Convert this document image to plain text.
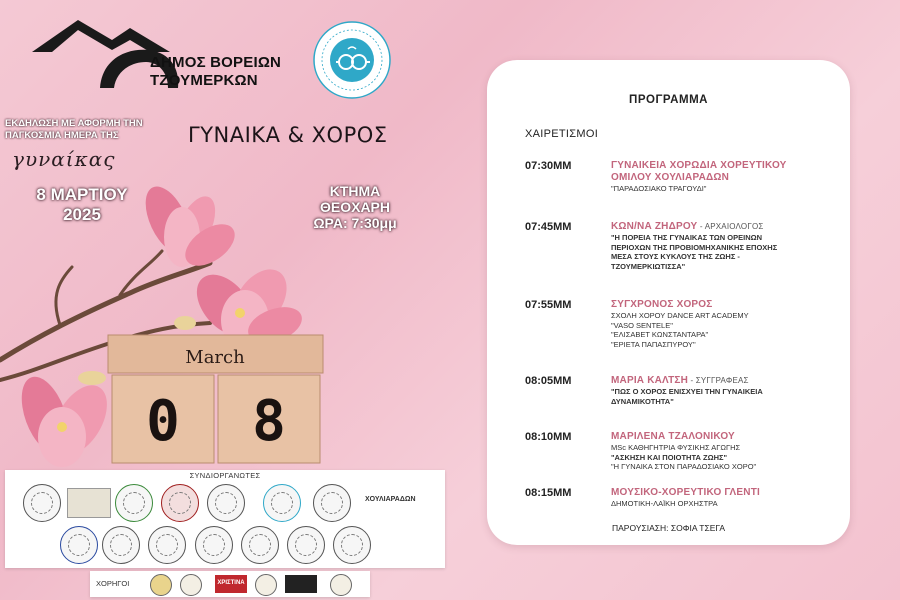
ΔΗΜΟΣ ΒΟΡΕΙΩΝ
ΤΖΟΥΜΕΡΚΩΝ
ΕΚΔΗΛΩΣΗ ΜΕ ΑΦΟΡΜΗ ΤΗΝ
ΠΑΓΚΟΣΜΙΑ ΗΜΕΡΑ ΤΗΣ
γυναίκας
ΓΥΝΑΙΚΑ & ΧΟΡΟΣ
8 ΜΑΡΤΙΟΥ
2025
ΚΤΗΜΑ
ΘΕΟΧΑΡΗ
ΩΡΑ: 7:30μμ
March
0 8
ΣΥΝΔΙΟΡΓΑΝΩΤΕΣ
ΧΟΥΛΙΑΡΑΔΩΝ
ΧΟΡΗΓΟΙ	ΧΡΙΣΤΙΝΑ
ΠΡΟΓΡΑΜΜΑ
ΧΑΙΡΕΤΙΣΜΟΙ
07:30ΜΜ	ΓΥΝΑΙΚΕΙΑ ΧΟΡΩΔΙΑ ΧΟΡΕΥΤΙΚΟΥ
ΟΜΙΛΟΥ ΧΟΥΛΙΑΡΑΔΩΝ
"ΠΑΡΑΔΟΣΙΑΚΟ ΤΡΑΓΟΥΔΙ"
07:45ΜΜ	ΚΩΝ/ΝΑ ΖΗΔΡΟΥ - ΑΡΧΑΙΟΛΟΓΟΣ
"Η ΠΟΡΕΙΑ ΤΗΣ ΓΥΝΑΙΚΑΣ ΤΩΝ ΟΡΕΙΝΩΝ
ΠΕΡΙΟΧΩΝ ΤΗΣ ΠΡΟΒΙΟΜΗΧΑΝΙΚΗΣ ΕΠΟΧΗΣ
ΜΕΣΑ ΣΤΟΥΣ ΚΥΚΛΟΥΣ ΤΗΣ ΖΩΗΣ -
ΤΖΟΥΜΕΡΚΙΩΤΙΣΣΑ"
07:55ΜΜ	ΣΥΓΧΡΟΝΟΣ ΧΟΡΟΣ
ΣΧΟΛΗ ΧΟΡΟΥ DANCE ART ACADEMY
"VASO SENTELE"
"ΕΛΙΣΑΒΕΤ ΚΩΝΣΤΑΝΤΑΡΑ"
"ΕΡΙΕΤΑ ΠΑΠΑΣΠΥΡΟΥ"
08:05ΜΜ	ΜΑΡΙΑ ΚΑΛΤΣΗ - ΣΥΓΓΡΑΦΕΑΣ
"ΠΩΣ Ο ΧΟΡΟΣ ΕΝΙΣΧΥΕΙ ΤΗΝ ΓΥΝΑΙΚΕΙΑ
ΔΥΝΑΜΙΚΟΤΗΤΑ"
08:10ΜΜ	ΜΑΡΙΛΕΝΑ ΤΖΑΛΟΝΙΚΟΥ
MSc ΚΑΘΗΓΗΤΡΙΑ ΦΥΣΙΚΗΣ ΑΓΩΓΗΣ
"ΑΣΚΗΣΗ ΚΑΙ ΠΟΙΟΤΗΤΑ ΖΩΗΣ"
"Η ΓΥΝΑΙΚΑ ΣΤΟΝ ΠΑΡΑΔΟΣΙΑΚΟ ΧΟΡΟ"
08:15ΜΜ	ΜΟΥΣΙΚΟ-ΧΟΡΕΥΤΙΚΟ ΓΛΕΝΤΙ
ΔΗΜΟΤΙΚΗ-ΛΑΪΚΗ ΟΡΧΗΣΤΡΑ
ΠΑΡΟΥΣΙΑΣΗ: ΣΟΦΙΑ ΤΣΕΓΑ
